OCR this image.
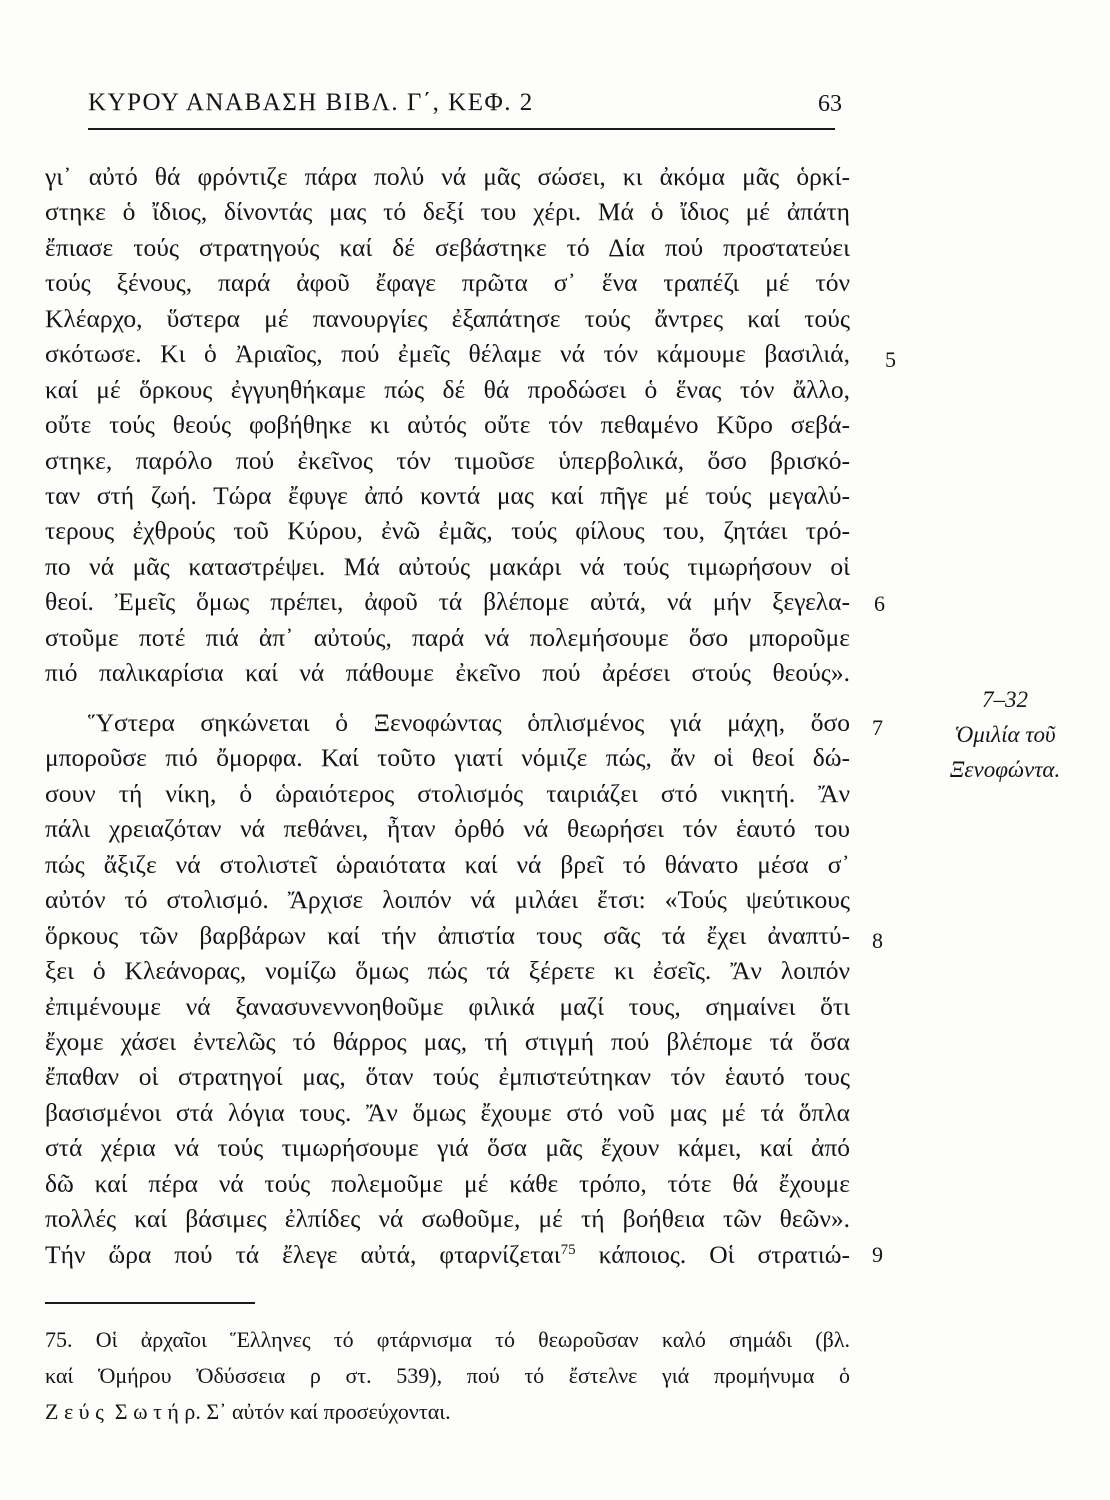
ΚΥΡΟΥ ΑΝΑΒΑΣΗ ΒΙΒΛ. Γ΄, ΚΕΦ. 2	63
γι᾿ αὐτό θά φρόντιζε πάρα πολύ νά μᾶς σώσει, κι ἀκόμα μᾶς ὁρκί-
στηκε ὁ ἴδιος, δίνοντάς μας τό δεξί του χέρι. Μά ὁ ἴδιος μέ ἀπάτη
ἔπιασε τούς στρατηγούς καί δέ σεβάστηκε τό Δία πού προστατεύει
τούς ξένους, παρά ἀφοῦ ἔφαγε πρῶτα σ᾿ ἕνα τραπέζι μέ τόν
Κλέαρχο, ὕστερα μέ πανουργίες ἐξαπάτησε τούς ἄντρες καί τούς
σκότωσε. Κι ὁ Ἀριαῖος, πού ἐμεῖς θέλαμε νά τόν κάμουμε βασιλιά,
καί μέ ὅρκους ἐγγυηθήκαμε πώς δέ θά προδώσει ὁ ἕνας τόν ἄλλο,
οὔτε τούς θεούς φοβήθηκε κι αὐτός οὔτε τόν πεθαμένο Κῦρο σεβά-
στηκε, παρόλο πού ἐκεῖνος τόν τιμοῦσε ὑπερβολικά, ὅσο βρισκό-
ταν στή ζωή. Τώρα ἔφυγε ἀπό κοντά μας καί πῆγε μέ τούς μεγαλύ-
τερους ἐχθρούς τοῦ Κύρου, ἐνῶ ἐμᾶς, τούς φίλους του, ζητάει τρό-
πο νά μᾶς καταστρέψει. Μά αὐτούς μακάρι νά τούς τιμωρήσουν οἱ
θεοί. Ἐμεῖς ὅμως πρέπει, ἀφοῦ τά βλέπομε αὐτά, νά μήν ξεγελα-
στοῦμε ποτέ πιά ἀπ᾿ αὐτούς, παρά νά πολεμήσουμε ὅσο μποροῦμε
πιό παλικαρίσια καί νά πάθουμε ἐκεῖνο πού ἀρέσει στούς θεούς».
Ὕστερα σηκώνεται ὁ Ξενοφώντας ὁπλισμένος γιά μάχη, ὅσο
μποροῦσε πιό ὄμορφα. Καί τοῦτο γιατί νόμιζε πώς, ἄν οἱ θεοί δώ-
σουν τή νίκη, ὁ ὡραιότερος στολισμός ταιριάζει στό νικητή. Ἄν
πάλι χρειαζόταν νά πεθάνει, ἦταν ὀρθό νά θεωρήσει τόν ἑαυτό του
πώς ἄξιζε νά στολιστεῖ ὡραιότατα καί νά βρεῖ τό θάνατο μέσα σ᾿
αὐτόν τό στολισμό. Ἄρχισε λοιπόν νά μιλάει ἔτσι: «Τούς ψεύτικους
ὅρκους τῶν βαρβάρων καί τήν ἀπιστία τους σᾶς τά ἔχει ἀναπτύ-
ξει ὁ Κλεάνορας, νομίζω ὅμως πώς τά ξέρετε κι ἐσεῖς. Ἄν λοιπόν
ἐπιμένουμε νά ξανασυνεννοηθοῦμε φιλικά μαζί τους, σημαίνει ὅτι
ἔχομε χάσει ἐντελῶς τό θάρρος μας, τή στιγμή πού βλέπομε τά ὅσα
ἔπαθαν οἱ στρατηγοί μας, ὅταν τούς ἐμπιστεύτηκαν τόν ἑαυτό τους
βασισμένοι στά λόγια τους. Ἄν ὅμως ἔχουμε στό νοῦ μας μέ τά ὅπλα
στά χέρια νά τούς τιμωρήσουμε γιά ὅσα μᾶς ἔχουν κάμει, καί ἀπό
δῶ καί πέρα νά τούς πολεμοῦμε μέ κάθε τρόπο, τότε θά ἔχουμε
πολλές καί βάσιμες ἐλπίδες νά σωθοῦμε, μέ τή βοήθεια τῶν θεῶν».
Τήν ὥρα πού τά ἔλεγε αὐτά, φταρνίζεται$^{75}$ κάποιος. Οἱ στρατιώ-
5
6
7
8
9
7–32
Ὁμιλία τοῦ
Ξενοφώντα.
75. Οἱ ἀρχαῖοι Ἕλληνες τό φτάρνισμα τό θεωροῦσαν καλό σημάδι (βλ.
καί Ὁμήρου Ὀδύσσεια ρ στ. 539), πού τό ἔστελνε γιά προμήνυμα ὁ
Ζ ε ύ ς  Σ ω τ ή ρ. Σ᾿ αὐτόν καί προσεύχονται.
